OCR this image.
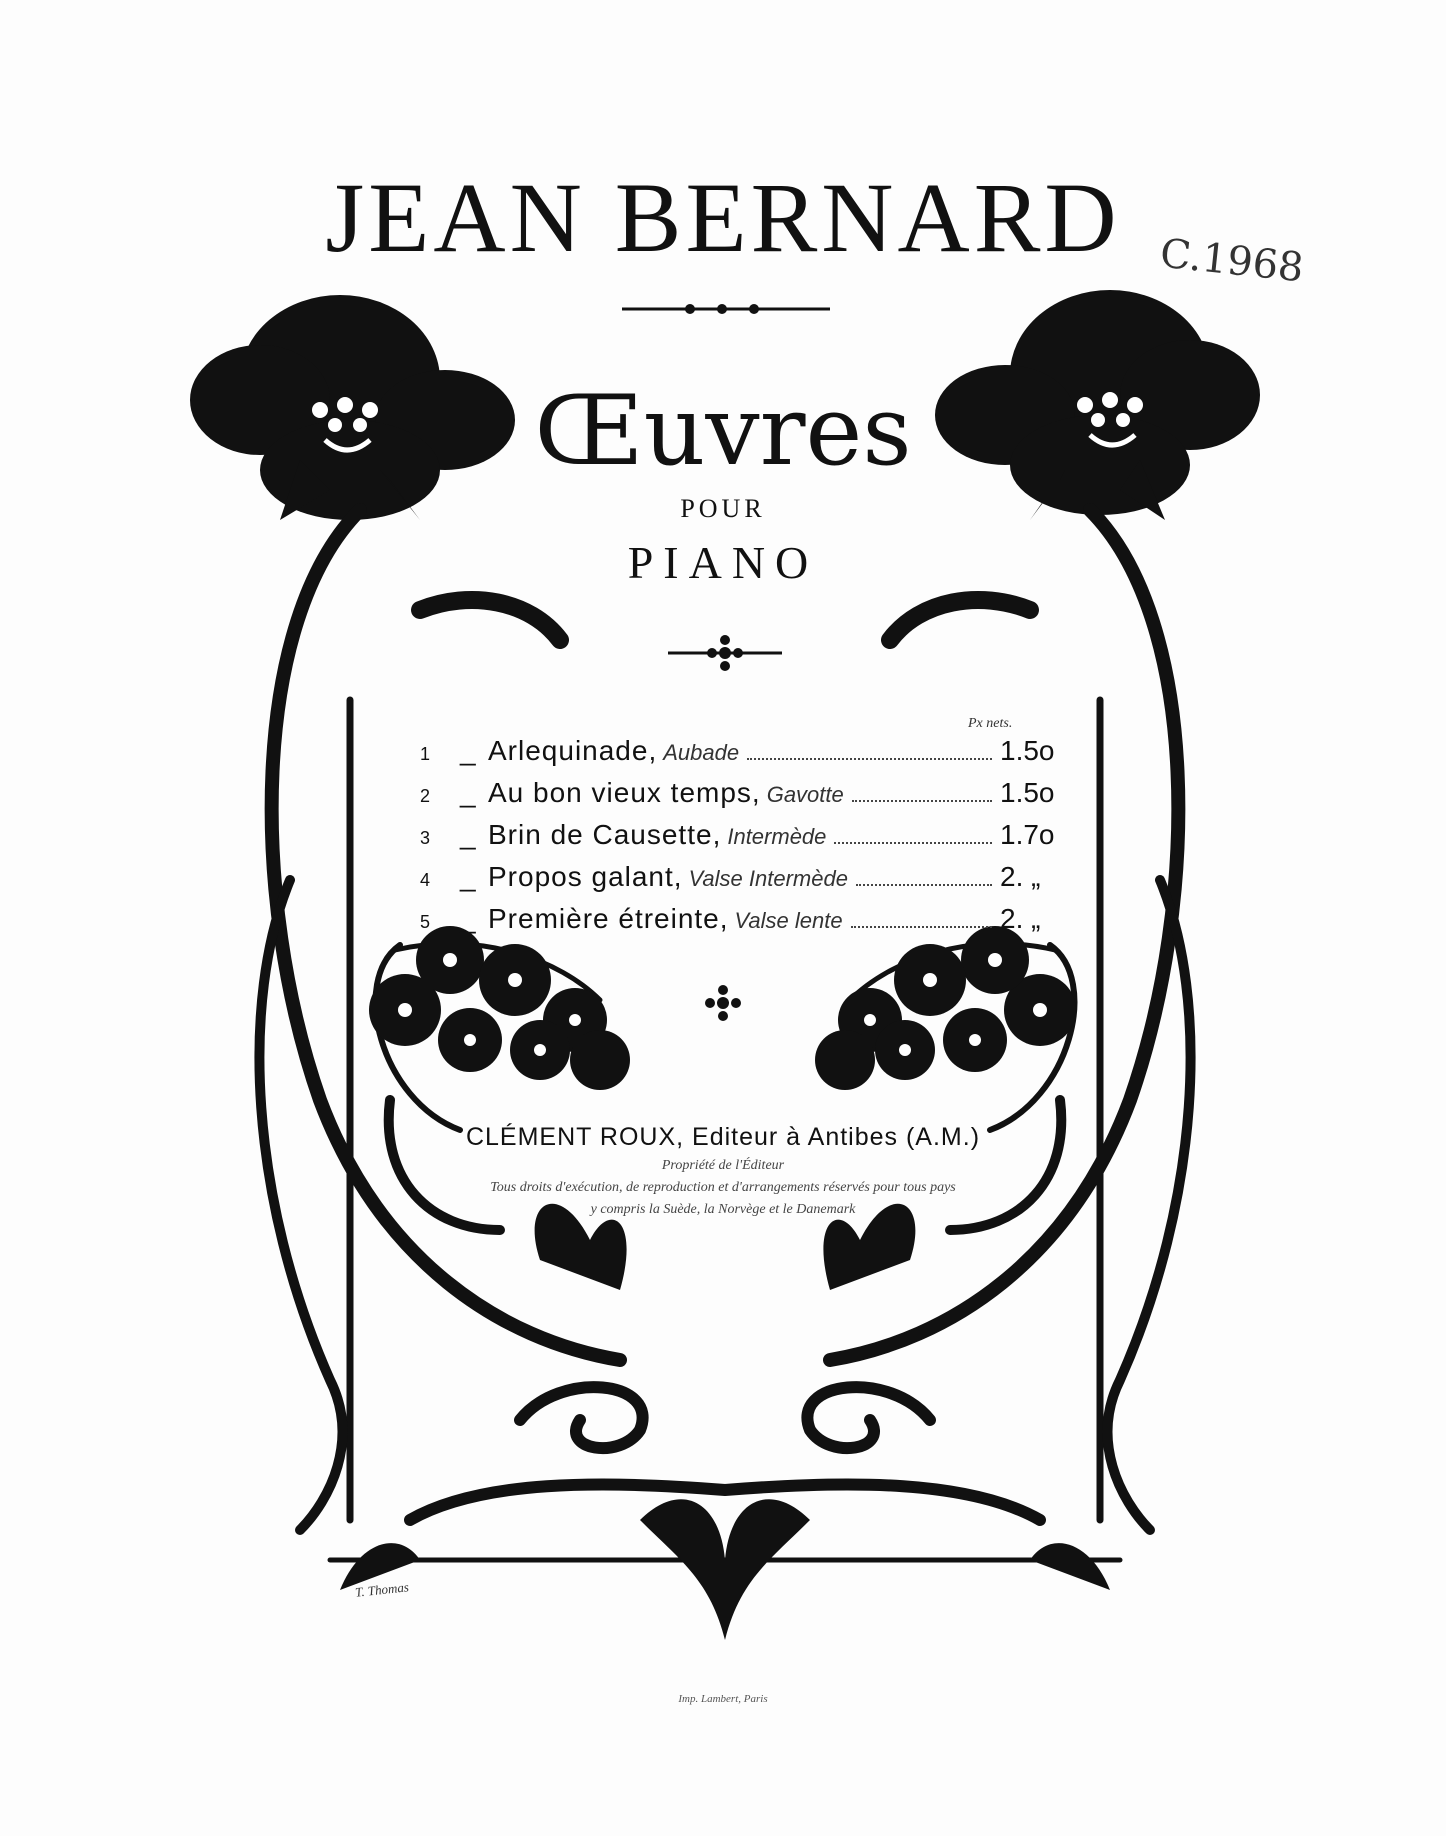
JEAN BERNARD C.1968
Œuvres
POUR
PIANO
Px nets.
1	_ Arlequinade, Aubade	1.5o
2	_ Au bon vieux temps, Gavotte	1.5o
3	_ Brin de Causette, Intermède	1.7o
4	_ Propos galant, Valse Intermède	2. „
5	_ Première étreinte, Valse lente	2. „
CLÉMENT ROUX, Editeur à Antibes (A.M.)
Propriété de l'Éditeur
Tous droits d'exécution, de reproduction et d'arrangements réservés pour tous pays
y compris la Suède, la Norvège et le Danemark
T. Thomas
Imp. Lambert, Paris
